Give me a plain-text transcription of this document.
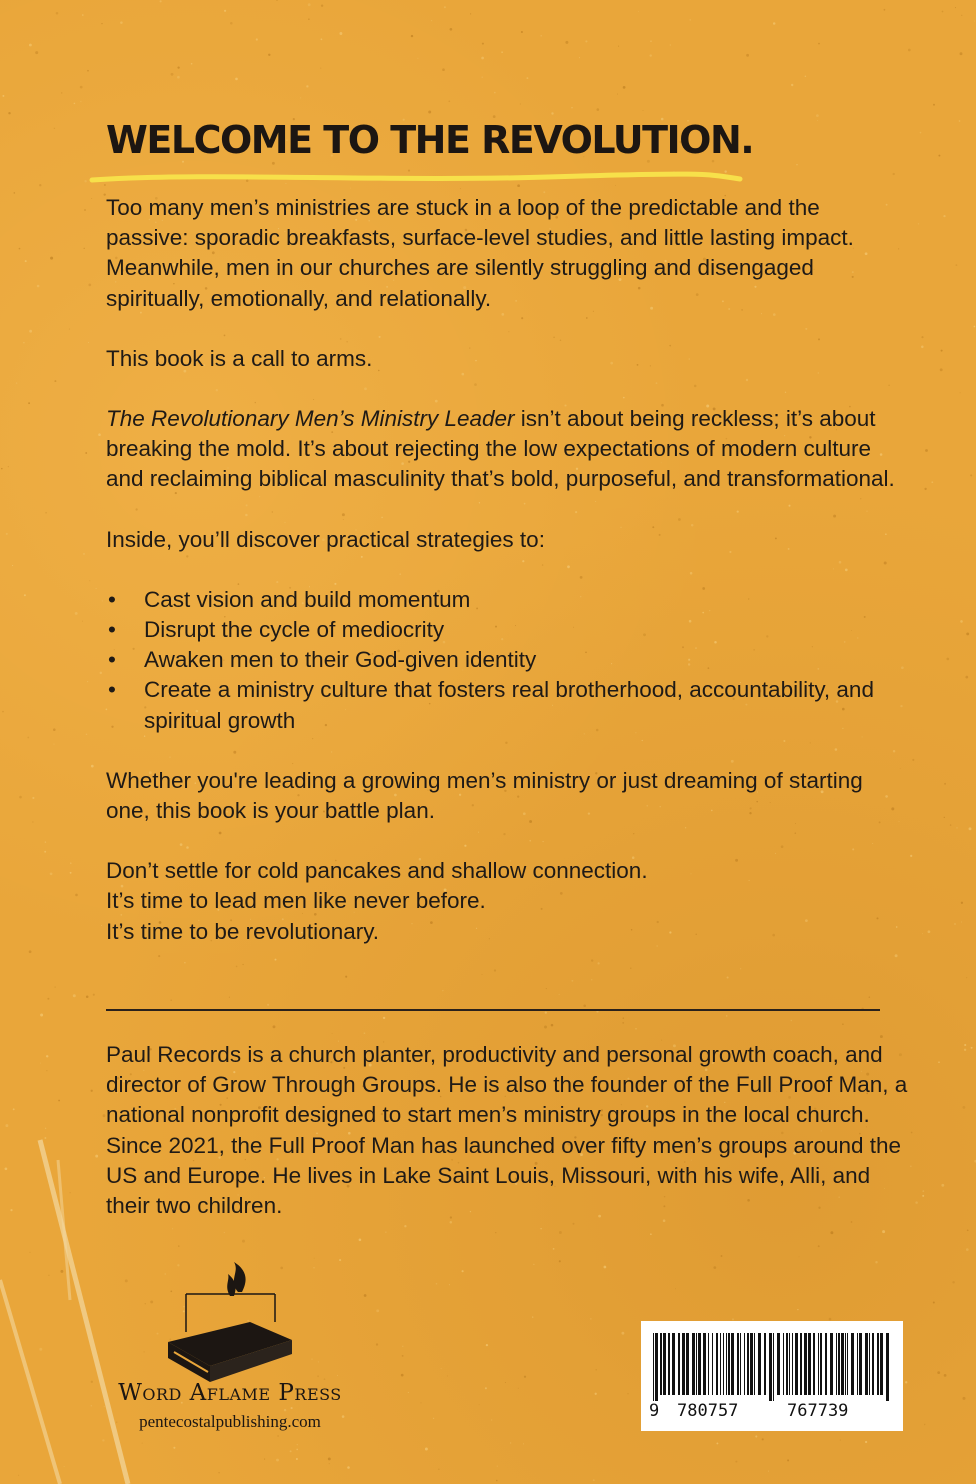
WELCOME TO THE REVOLUTION.

Too many men’s ministries are stuck in a loop of the predictable and the passive: sporadic breakfasts, surface-level studies, and little lasting impact. Meanwhile, men in our churches are silently struggling and disengaged spiritually, emotionally, and relationally.

This book is a call to arms.

The Revolutionary Men’s Ministry Leader isn’t about being reckless; it’s about breaking the mold. It’s about rejecting the low expectations of modern culture and reclaiming biblical masculinity that’s bold, purposeful, and transformational.

Inside, you’ll discover practical strategies to:

• Cast vision and build momentum
• Disrupt the cycle of mediocrity
• Awaken men to their God-given identity
• Create a ministry culture that fosters real brotherhood, accountability, and spiritual growth

Whether you're leading a growing men’s ministry or just dreaming of starting one, this book is your battle plan.

Don’t settle for cold pancakes and shallow connection.

It’s time to lead men like never before.

It’s time to be revolutionary.

Paul Records is a church planter, productivity and personal growth coach, and director of Grow Through Groups. He is also the founder of the Full Proof Man, a national nonprofit designed to start men’s ministry groups in the local church. Since 2021, the Full Proof Man has launched over fifty men’s groups around the US and Europe. He lives in Lake Saint Louis, Missouri, with his wife, Alli, and their two children.

Word Aflame Press
pentecostalpublishing.com
9 780757	767739
